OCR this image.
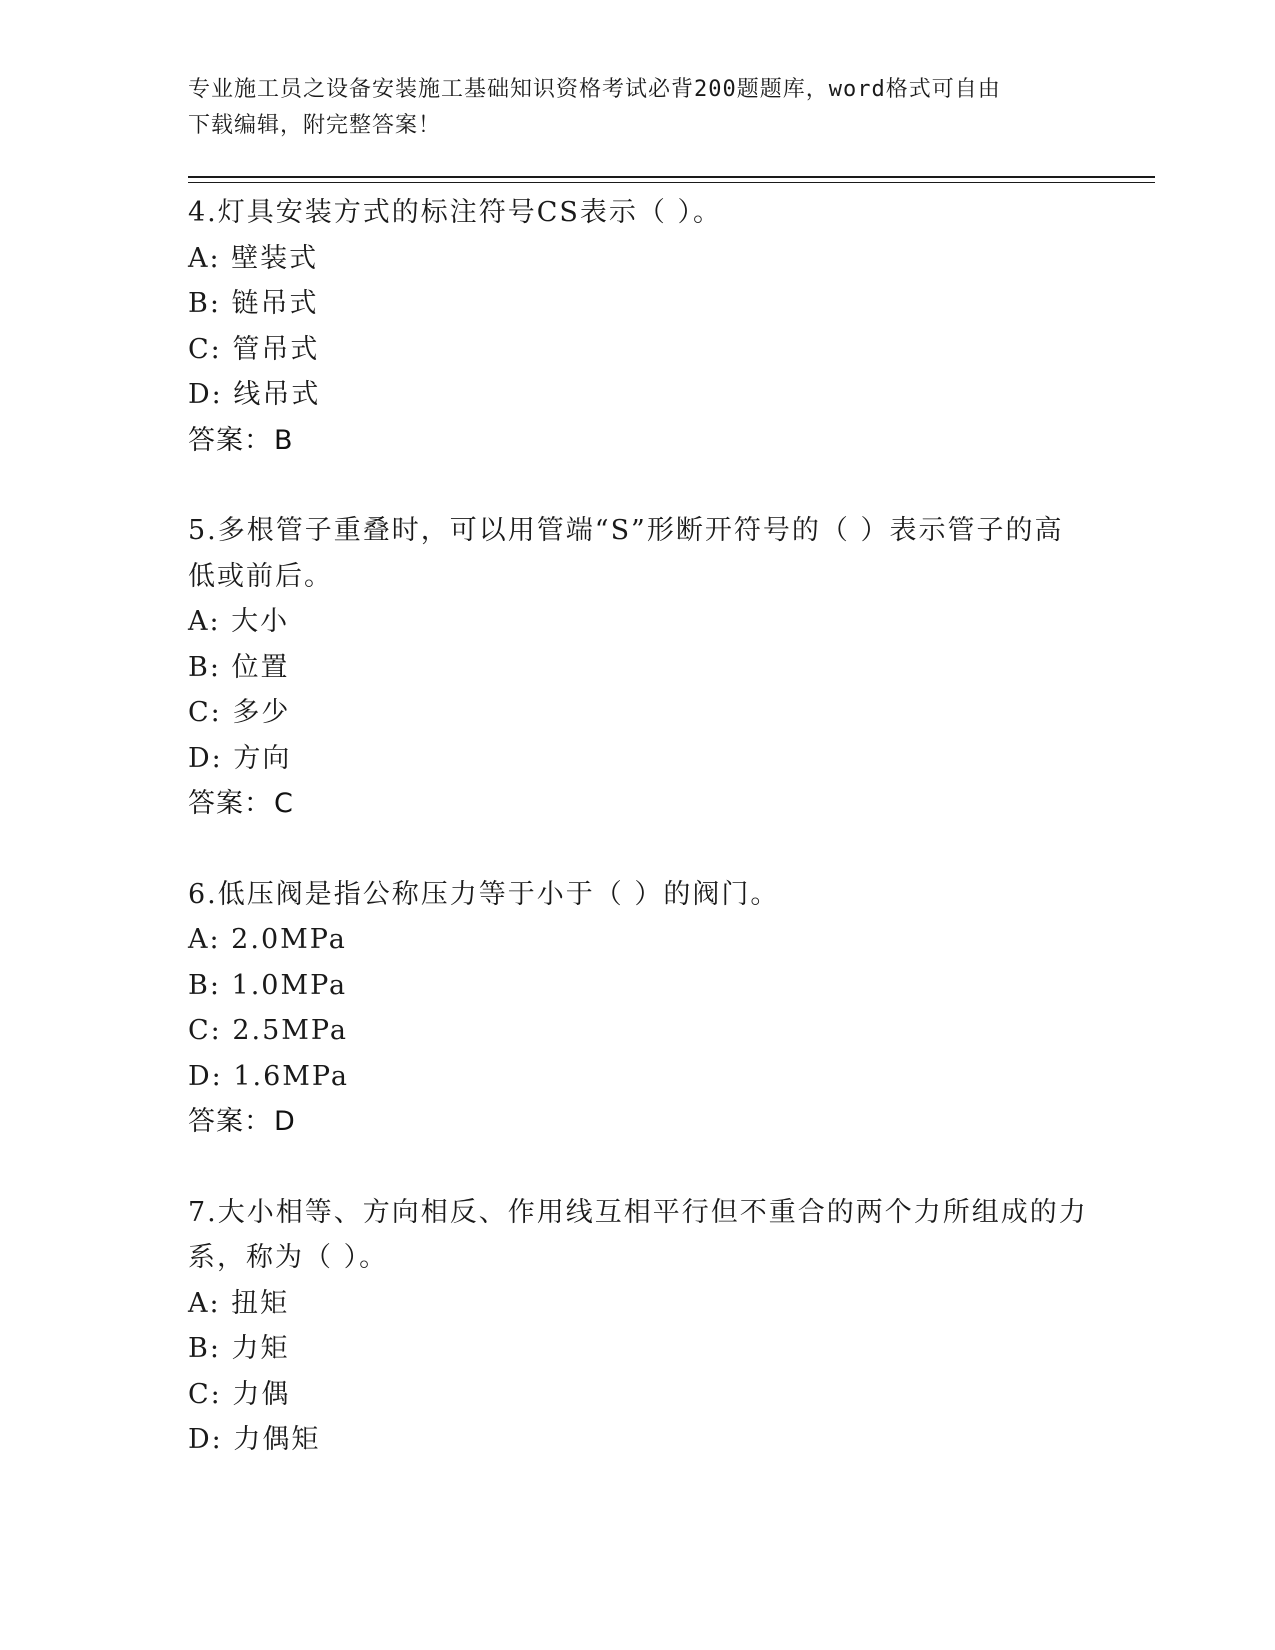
专业施工员之设备安装施工基础知识资格考试必背200题题库，word格式可自由
下载编辑，附完整答案！
4.灯具安装方式的标注符号CS表示（ ）。
A: 壁装式
B: 链吊式
C: 管吊式
D: 线吊式
答案：B
5.多根管子重叠时，可以用管端“S”形断开符号的（ ）表示管子的高低或前后。
A: 大小
B: 位置
C: 多少
D: 方向
答案：C
6.低压阀是指公称压力等于小于（ ）的阀门。
A: 2.0MPa
B: 1.0MPa
C: 2.5MPa
D: 1.6MPa
答案：D
7.大小相等、方向相反、作用线互相平行但不重合的两个力所组成的力系，称为（ ）。
A: 扭矩
B: 力矩
C: 力偶
D: 力偶矩
